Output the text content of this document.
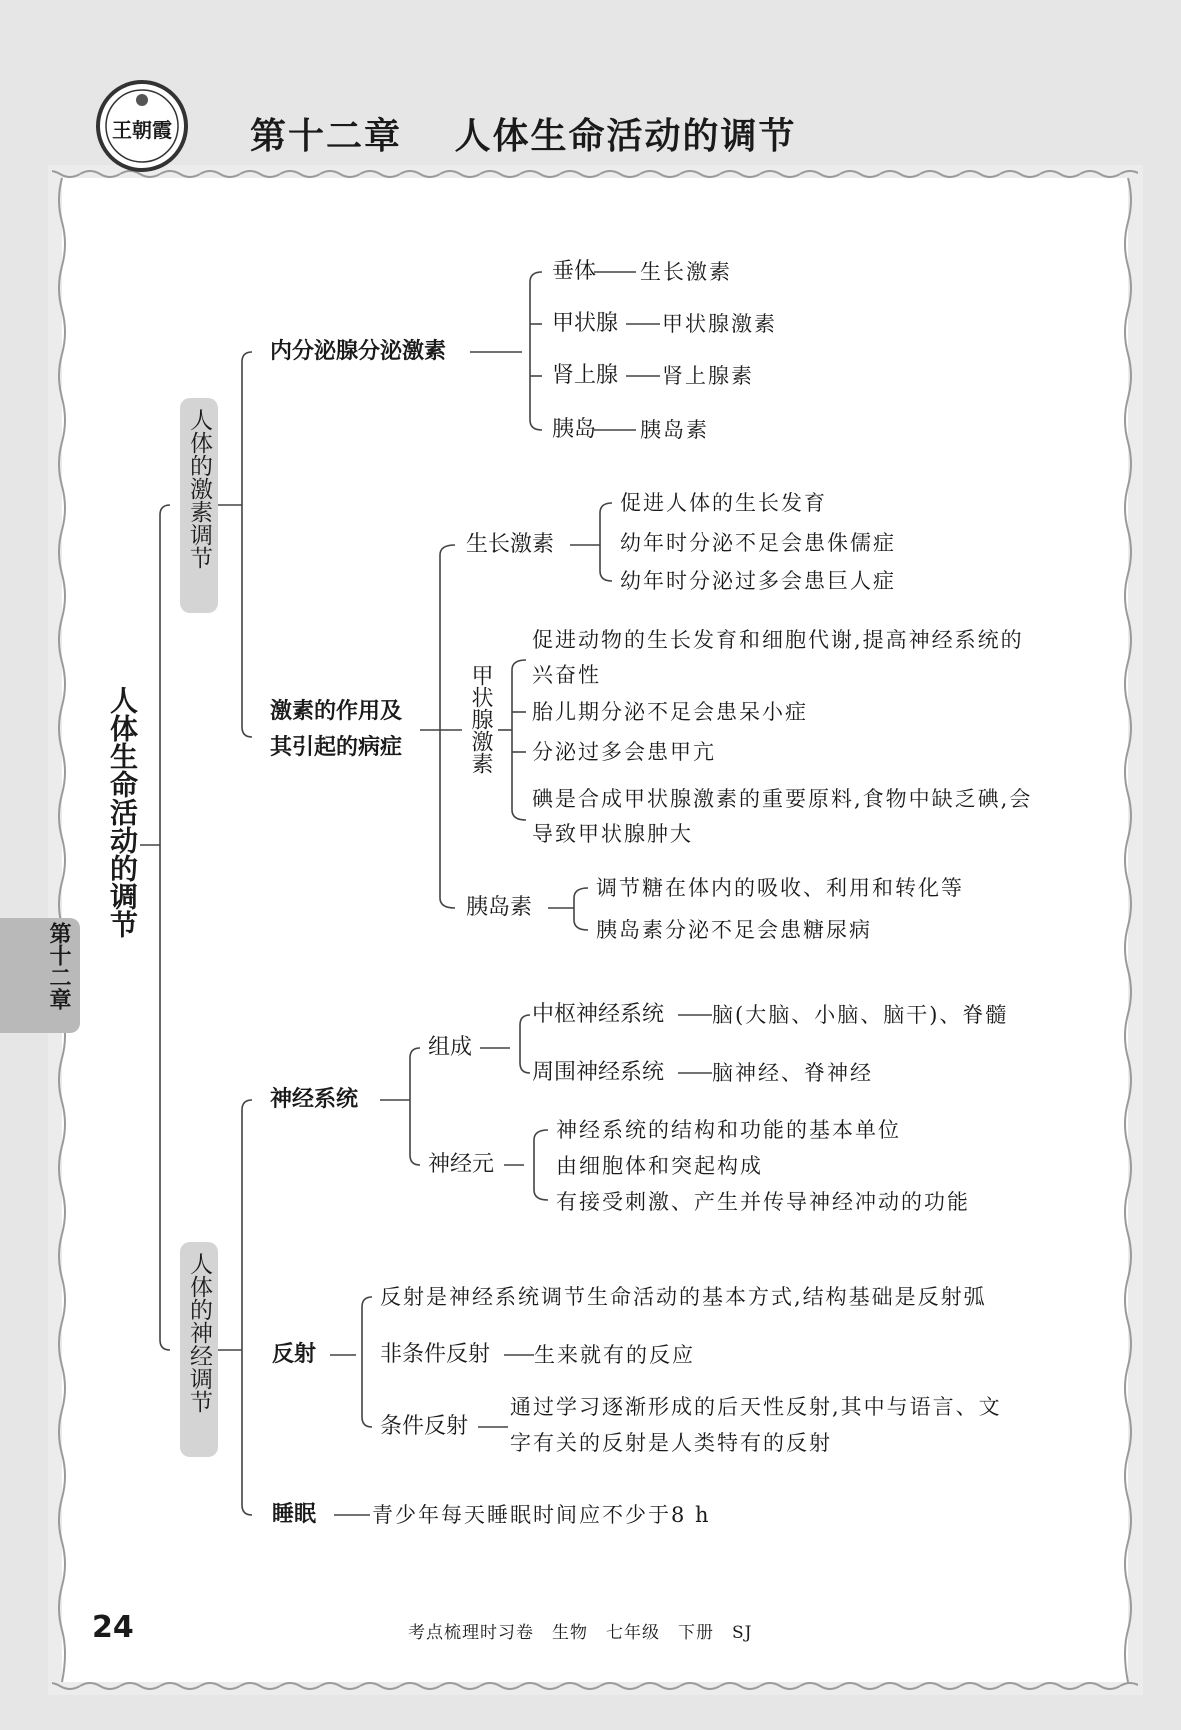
王朝霞	第十二章　 人体生命活动的调节
第十二章
人体生命活动的调节
人体的激素调节
人体的神经调节
内分泌腺分泌激素
垂体 生长激素
甲状腺 甲状腺激素
肾上腺 肾上腺素
胰岛 胰岛素
激素的作用及
其引起的病症
生长激素
促进人体的生长发育
幼年时分泌不足会患侏儒症
幼年时分泌过多会患巨人症
甲状腺激素
促进动物的生长发育和细胞代谢,提高神经系统的
兴奋性
胎儿期分泌不足会患呆小症
分泌过多会患甲亢
碘是合成甲状腺激素的重要原料,食物中缺乏碘,会
导致甲状腺肿大
胰岛素
调节糖在体内的吸收、利用和转化等
胰岛素分泌不足会患糖尿病
神经系统
组成
中枢神经系统 脑(大脑、小脑、脑干)、脊髓
周围神经系统 脑神经、脊神经
神经元
神经系统的结构和功能的基本单位
由细胞体和突起构成
有接受刺激、产生并传导神经冲动的功能
反射
反射是神经系统调节生命活动的基本方式,结构基础是反射弧
非条件反射 生来就有的反应
条件反射
通过学习逐渐形成的后天性反射,其中与语言、文
字有关的反射是人类特有的反射
睡眠	青少年每天睡眠时间应不少于8 h
24	考点梳理时习卷　生物　七年级　下册　SJ
